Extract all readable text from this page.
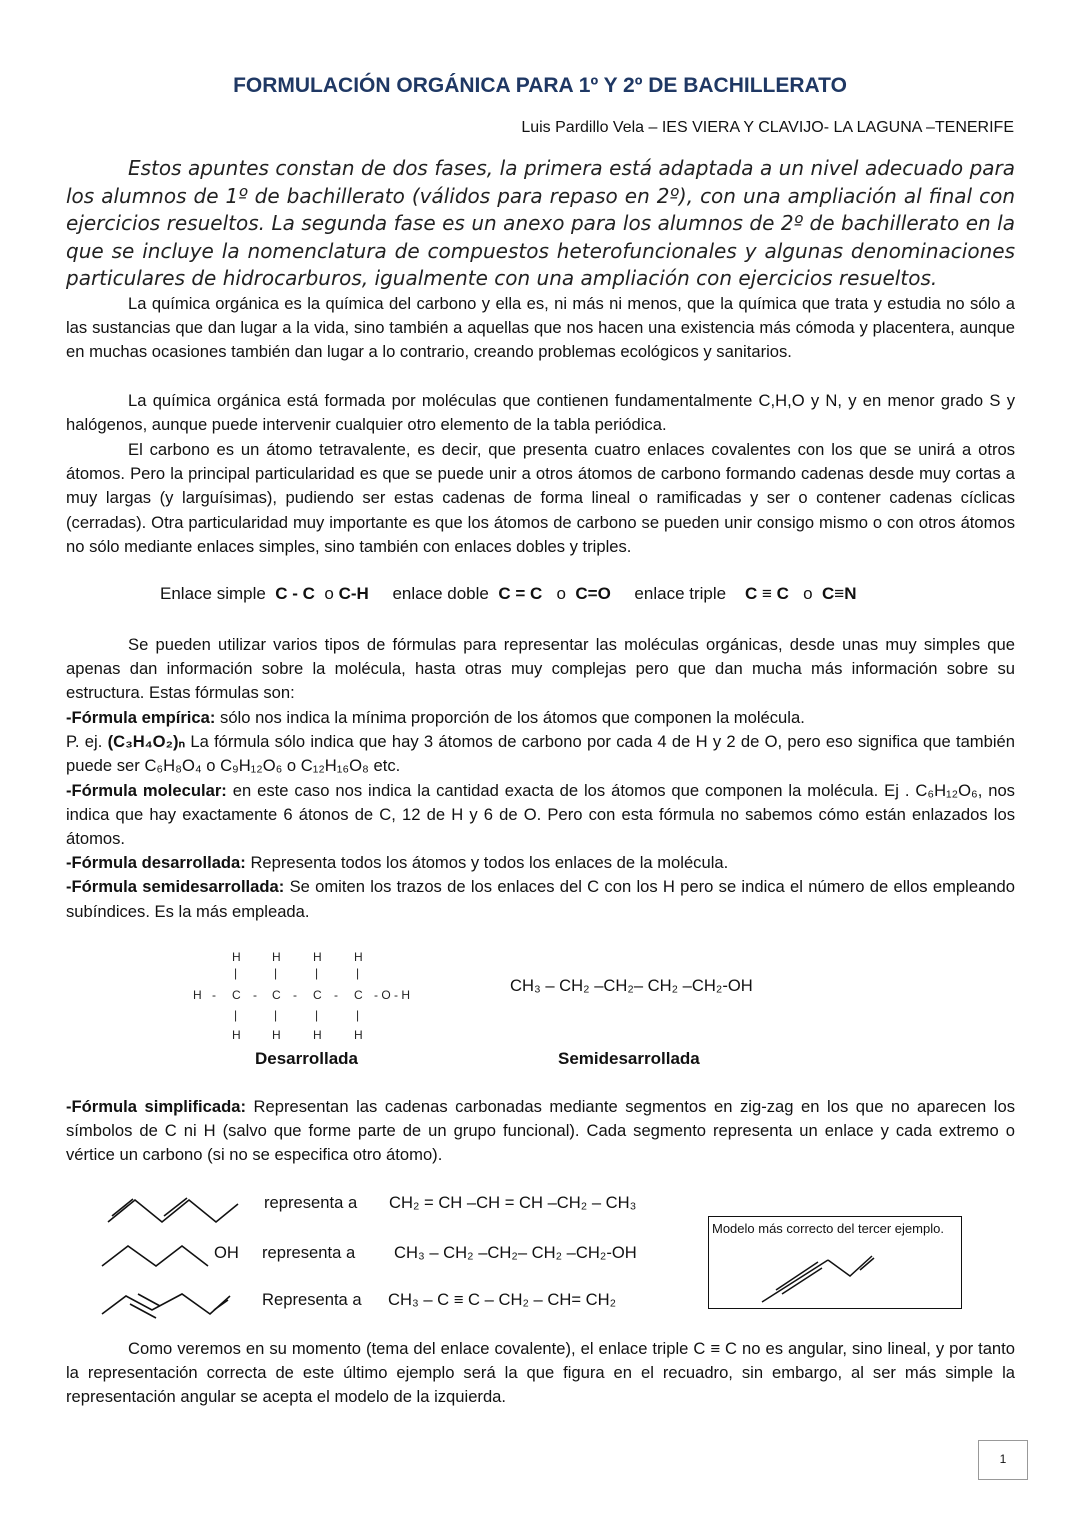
FORMULACIÓN ORGÁNICA PARA 1º Y 2º DE BACHILLERATO
Luis Pardillo Vela – IES VIERA Y CLAVIJO- LA LAGUNA –TENERIFE
Estos apuntes constan de dos fases, la primera está adaptada a un nivel adecuado para los alumnos de 1º de bachillerato (válidos para repaso en 2º), con una ampliación al final con ejercicios resueltos. La segunda fase es un anexo para los alumnos de 2º de bachillerato en la que se incluye la nomenclatura de compuestos heterofuncionales y algunas denominaciones particulares de hidrocarburos, igualmente con una ampliación con ejercicios resueltos.
La química orgánica es la química del carbono y ella es, ni más ni menos, que la química que trata y estudia no sólo a las sustancias que dan lugar a la vida, sino también a aquellas que nos hacen una existencia más cómoda y placentera, aunque en muchas ocasiones también dan lugar a lo contrario, creando problemas ecológicos y sanitarios.
La química orgánica está formada por moléculas que contienen fundamentalmente C,H,O y N, y en menor grado S y halógenos, aunque puede intervenir cualquier otro elemento de la tabla periódica.
El carbono es un átomo tetravalente, es decir, que presenta cuatro enlaces covalentes con los que se unirá a otros átomos. Pero la principal particularidad es que se puede unir a otros átomos de carbono formando cadenas desde muy cortas a muy largas (y larguísimas), pudiendo ser estas cadenas de forma lineal o ramificadas y ser o contener cadenas cíclicas (cerradas). Otra particularidad muy importante es que los átomos de carbono se pueden unir consigo mismo o con otros átomos no sólo mediante enlaces simples, sino también con enlaces dobles y triples.
Enlace simple C - C o C-H enlace doble C = C o C=O enlace triple C ≡ C o C≡N
Se pueden utilizar varios tipos de fórmulas para representar las moléculas orgánicas, desde unas muy simples que apenas dan información sobre la molécula, hasta otras muy complejas pero que dan mucha más información sobre su estructura. Estas fórmulas son:
-Fórmula empírica: sólo nos indica la mínima proporción de los átomos que componen la molécula.
P. ej. (C₃H₄O₂)ₙ La fórmula sólo indica que hay 3 átomos de carbono por cada 4 de H y 2 de O, pero eso significa que también puede ser C₆H₈O₄ o C₉H₁₂O₆ o C₁₂H₁₆O₈ etc.
-Fórmula molecular: en este caso nos indica la cantidad exacta de los átomos que componen la molécula. Ej . C₆H₁₂O₆, nos indica que hay exactamente 6 átonos de C, 12 de H y 6 de O. Pero con esta fórmula no sabemos cómo están enlazados los átomos.
-Fórmula desarrollada: Representa todos los átomos y todos los enlaces de la molécula.
-Fórmula semidesarrollada: Se omiten los trazos de los enlaces del C con los H pero se indica el número de ellos empleando subíndices. Es la más empleada.
H	H	H	H
|	|	|	|
H - C - C - C - C - O - H
|	|	|	|
H	H	H	H
CH₃ – CH₂ –CH₂– CH₂ –CH₂-OH
Desarrollada	Semidesarrollada
-Fórmula simplificada: Representan las cadenas carbonadas mediante segmentos en zig-zag en los que no aparecen los símbolos de C ni H (salvo que forme parte de un grupo funcional). Cada segmento representa un enlace y cada extremo o vértice un carbono (si no se especifica otro átomo).
OH
representa a CH₂ = CH –CH = CH –CH₂ – CH₃
representa a CH₃ – CH₂ –CH₂– CH₂ –CH₂-OH
Representa a CH₃ – C ≡ C – CH₂ – CH= CH₂
Modelo más correcto del tercer ejemplo.
Como veremos en su momento (tema del enlace covalente), el enlace triple C ≡ C no es angular, sino lineal, y por tanto la representación correcta de este último ejemplo será la que figura en el recuadro, sin embargo, al ser más simple la representación angular se acepta el modelo de la izquierda.
1
